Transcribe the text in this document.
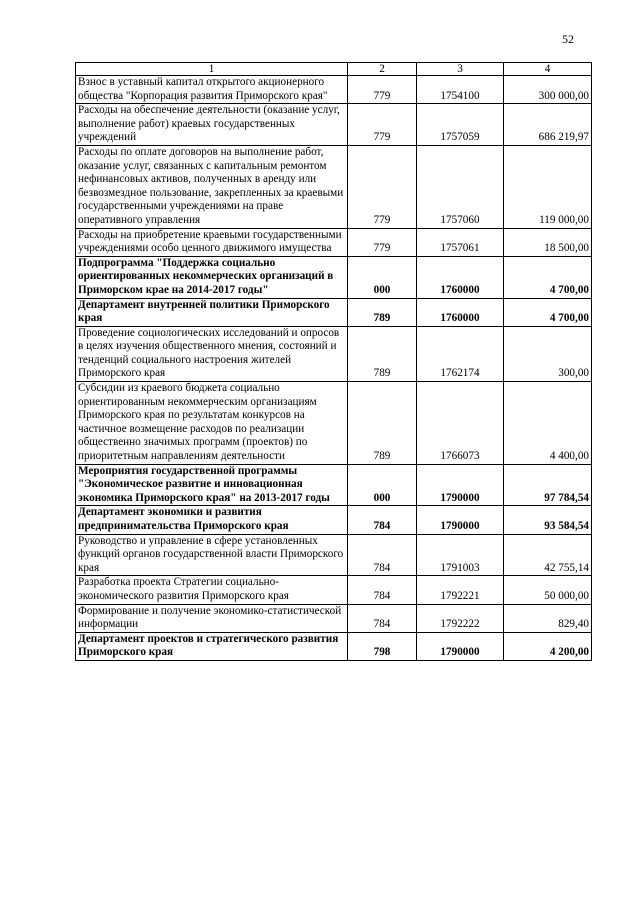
52
1	2	3	4
Взнос в уставный капитал открытого акционерного общества "Корпорация развития Приморского края"	779	1754100	300 000,00
Расходы на обеспечение деятельности (оказание услуг, выполнение работ) краевых государственных учреждений	779	1757059	686 219,97
Расходы по оплате договоров на выполнение работ, оказание услуг, связанных с капитальным ремонтом нефинансовых активов, полученных в аренду или безвозмездное пользование, закрепленных за краевыми государственными учреждениями на праве оперативного управления	779	1757060	119 000,00
Расходы на приобретение краевыми государственными учреждениями особо ценного движимого имущества	779	1757061	18 500,00
Подпрограмма "Поддержка социально ориентированных некоммерческих организаций в Приморском крае на 2014-2017 годы"	000	1760000	4 700,00
Департамент внутренней политики Приморского края	789	1760000	4 700,00
Проведение социологических исследований и опросов в целях изучения общественного мнения, состояний и тенденций социального настроения жителей Приморского края	789	1762174	300,00
Субсидии из краевого бюджета социально ориентированным некоммерческим организациям Приморского края по результатам конкурсов на частичное возмещение расходов по реализации общественно значимых программ (проектов) по приоритетным направлениям деятельности	789	1766073	4 400,00
Мероприятия государственной программы "Экономическое развитие и инновационная экономика Приморского края" на 2013-2017 годы	000	1790000	97 784,54
Департамент экономики и развития предпринимательства Приморского края	784	1790000	93 584,54
Руководство и управление в сфере установленных функций органов государственной власти Приморского края	784	1791003	42 755,14
Разработка проекта Стратегии социально-экономического развития Приморского края	784	1792221	50 000,00
Формирование и получение экономико-статистической информации	784	1792222	829,40
Департамент проектов и стратегического развития Приморского края	798	1790000	4 200,00
